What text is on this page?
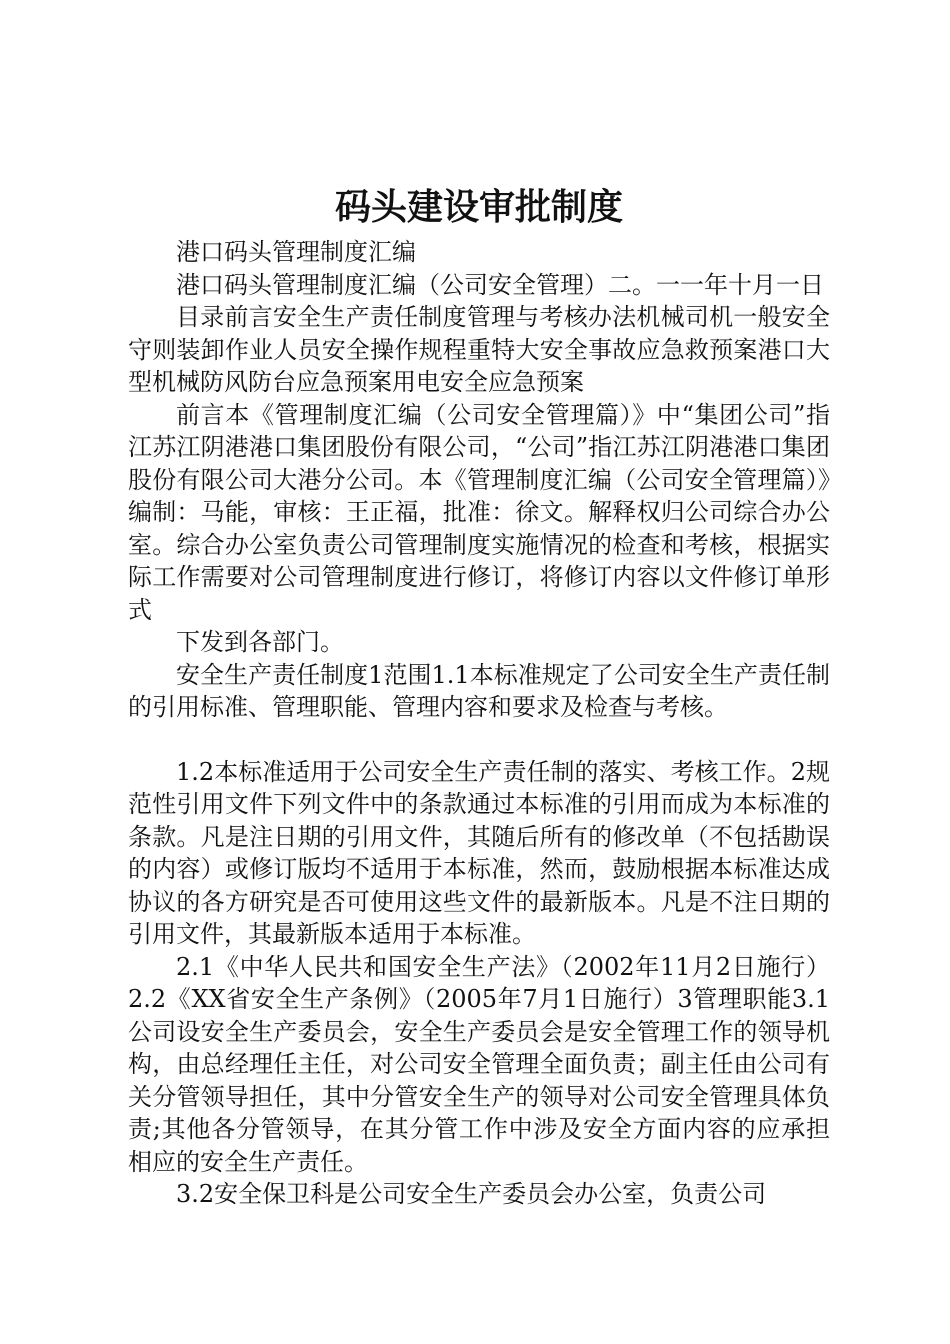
码头建设审批制度

港口码头管理制度汇编

港口码头管理制度汇编（公司安全管理）二。一一年十月一日

目录前言安全生产责任制度管理与考核办法机械司机一般安全守则装卸作业人员安全操作规程重特大安全事故应急救预案港口大型机械防风防台应急预案用电安全应急预案

前言本《管理制度汇编（公司安全管理篇）》中“集团公司”指江苏江阴港港口集团股份有限公司，“公司”指江苏江阴港港口集团股份有限公司大港分公司。本《管理制度汇编（公司安全管理篇）》编制：马能，审核：王正福，批准：徐文。解释权归公司综合办公室。综合办公室负责公司管理制度实施情况的检查和考核，根据实际工作需要对公司管理制度进行修订，将修订内容以文件修订单形式

下发到各部门。

安全生产责任制度1范围1.1本标准规定了公司安全生产责任制的引用标准、管理职能、管理内容和要求及检查与考核。

1.2本标准适用于公司安全生产责任制的落实、考核工作。2规范性引用文件下列文件中的条款通过本标准的引用而成为本标准的条款。凡是注日期的引用文件，其随后所有的修改单（不包括勘误的内容）或修订版均不适用于本标准，然而，鼓励根据本标准达成协议的各方研究是否可使用这些文件的最新版本。凡是不注日期的引用文件，其最新版本适用于本标准。

2.1《中华人民共和国安全生产法》（2002年11月2日施行）2.2《XX省安全生产条例》（2005年7月1日施行）3管理职能3.1公司设安全生产委员会，安全生产委员会是安全管理工作的领导机构，由总经理任主任，对公司安全管理全面负责；副主任由公司有关分管领导担任，其中分管安全生产的领导对公司安全管理具体负责;其他各分管领导，在其分管工作中涉及安全方面内容的应承担相应的安全生产责任。

3.2安全保卫科是公司安全生产委员会办公室，负责公司
